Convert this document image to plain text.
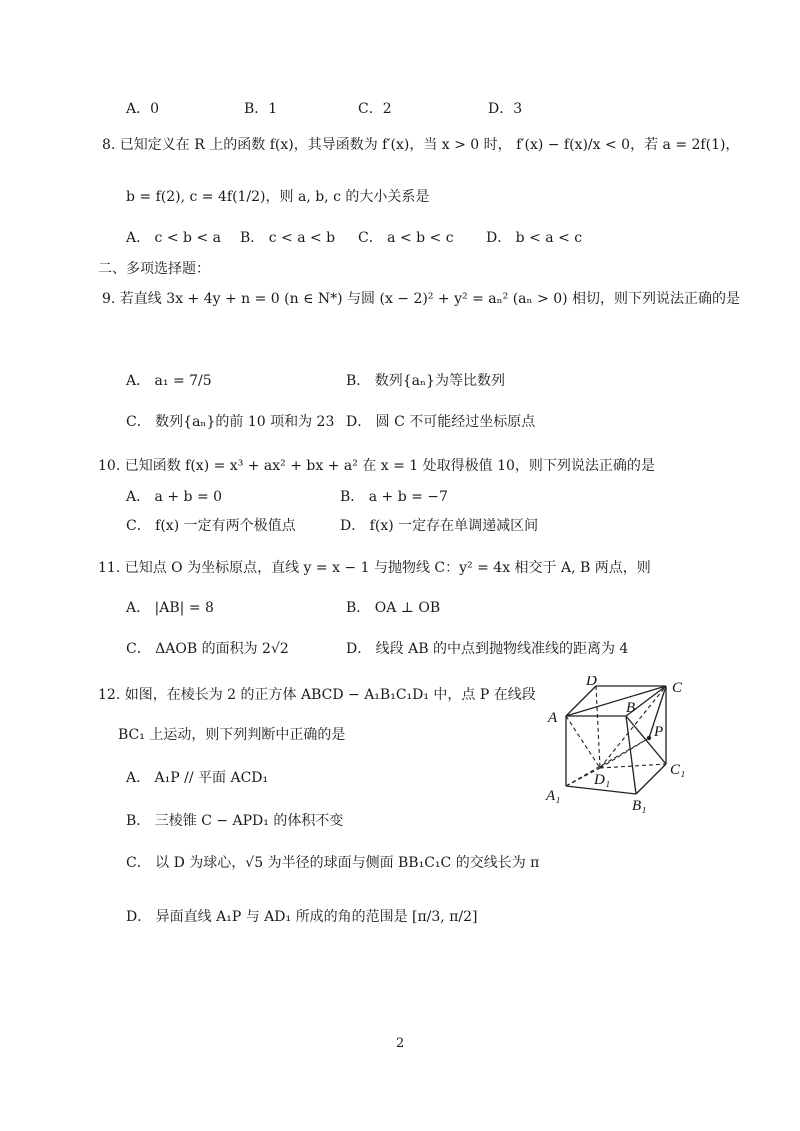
A．0	B．1	C．2	D．3
8. 已知定义在 R 上的函数 f(x)，其导函数为 f′(x)，当 x > 0 时， f′(x) − f(x)/x < 0，若 a = 2f(1)，
b = f(2), c = 4f(1/2)，则 a, b, c 的大小关系是
A． c < b < a B． c < a < b C． a < b < c D． b < a < c
二、多项选择题：
9. 若直线 3x + 4y + n = 0 (n ∈ N*) 与圆 (x − 2)² + y² = aₙ² (aₙ > 0) 相切，则下列说法正确的是
A． a₁ = 7/5	B． 数列{aₙ}为等比数列
C． 数列{aₙ}的前 10 项和为 23 D． 圆 C 不可能经过坐标原点
10. 已知函数 f(x) = x³ + ax² + bx + a² 在 x = 1 处取得极值 10，则下列说法正确的是
A． a + b = 0	B． a + b = −7
C． f(x) 一定有两个极值点	D． f(x) 一定存在单调递减区间
11. 已知点 O 为坐标原点，直线 y = x − 1 与抛物线 C：y² = 4x 相交于 A, B 两点，则
A． |AB| = 8	B． OA ⊥ OB
C． ΔAOB 的面积为 2√2	D． 线段 AB 的中点到抛物线准线的距离为 4
12. 如图，在棱长为 2 的正方体 ABCD − A₁B₁C₁D₁ 中，点 P 在线段
BC₁ 上运动，则下列判断中正确的是
A． A₁P // 平面 ACD₁
B． 三棱锥 C − APD₁ 的体积不变
C． 以 D 为球心，√5 为半径的球面与侧面 BB₁C₁C 的交线长为 π
D． 异面直线 A₁P 与 AD₁ 所成的角的范围是 [π/3, π/2]
D	C
B
A
P
D₁
C₁
A₁
B₁
2
